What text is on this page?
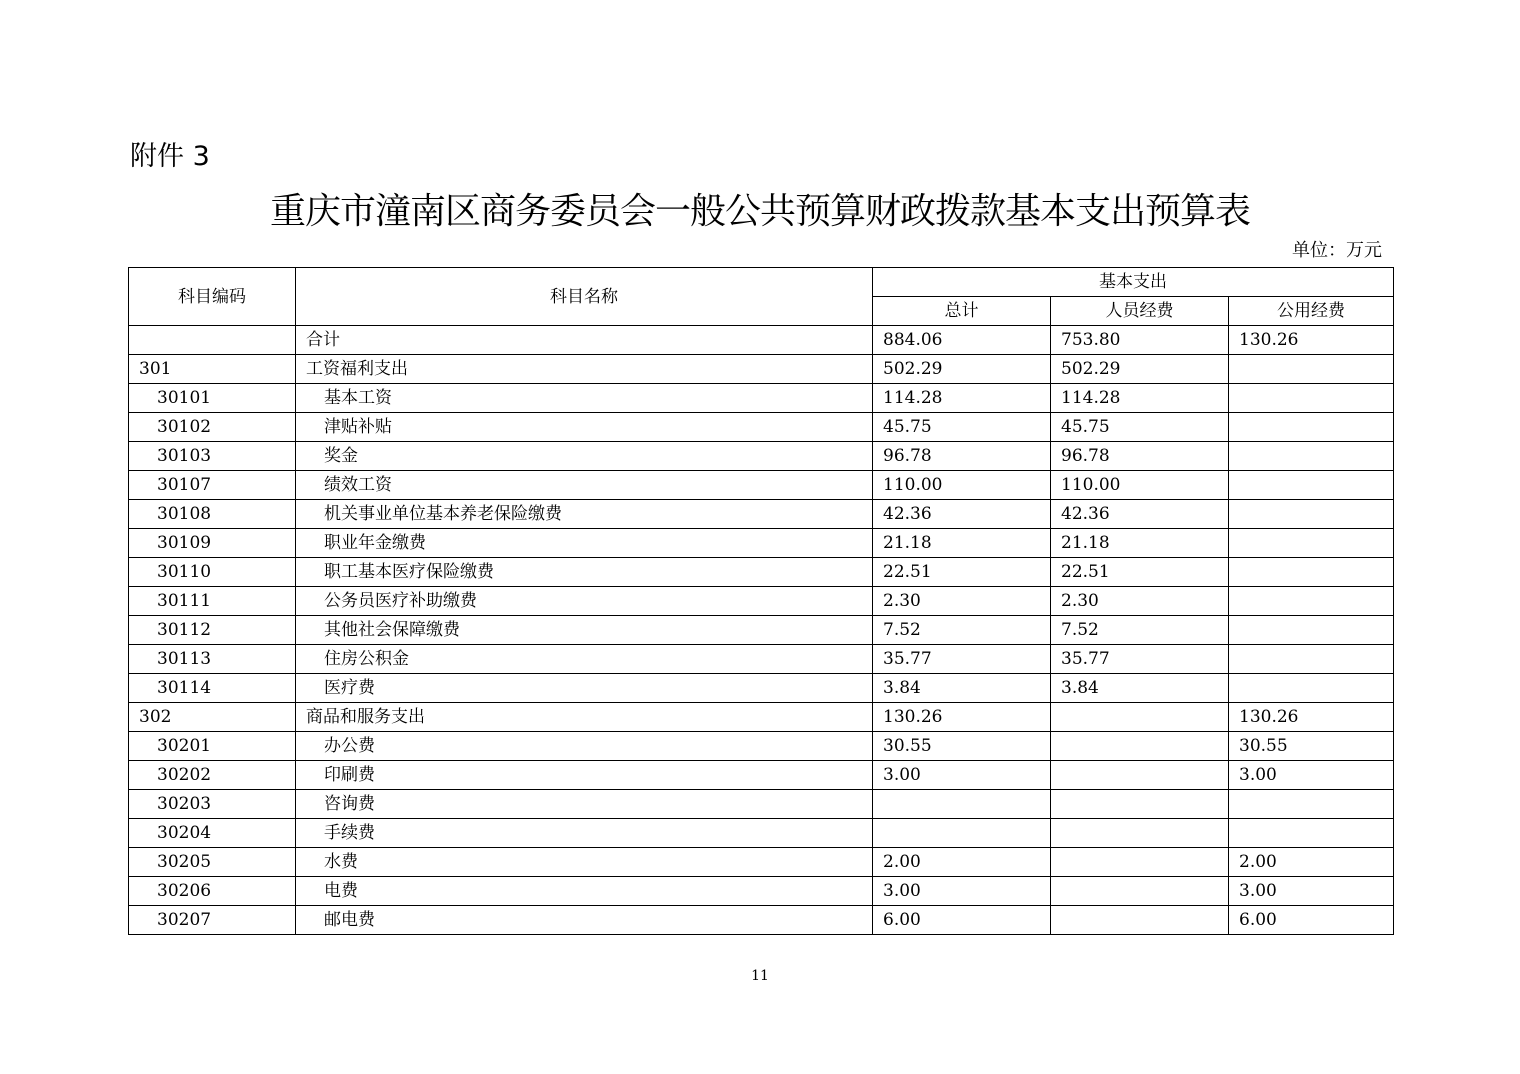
附件 3
重庆市潼南区商务委员会一般公共预算财政拨款基本支出预算表
单位：万元
科目编码	科目名称	基本支出		
		总计	人员经费	公用经费
	合计	884.06	753.80	130.26
301	工资福利支出	502.29	502.29	
30101	基本工资	114.28	114.28	
30102	津贴补贴	45.75	45.75	
30103	奖金	96.78	96.78	
30107	绩效工资	110.00	110.00	
30108	机关事业单位基本养老保险缴费	42.36	42.36	
30109	职业年金缴费	21.18	21.18	
30110	职工基本医疗保险缴费	22.51	22.51	
30111	公务员医疗补助缴费	2.30	2.30	
30112	其他社会保障缴费	7.52	7.52	
30113	住房公积金	35.77	35.77	
30114	医疗费	3.84	3.84	
302	商品和服务支出	130.26		130.26
30201	办公费	30.55		30.55
30202	印刷费	3.00		3.00
30203	咨询费			
30204	手续费			
30205	水费	2.00		2.00
30206	电费	3.00		3.00
30207	邮电费	6.00		6.00
11
